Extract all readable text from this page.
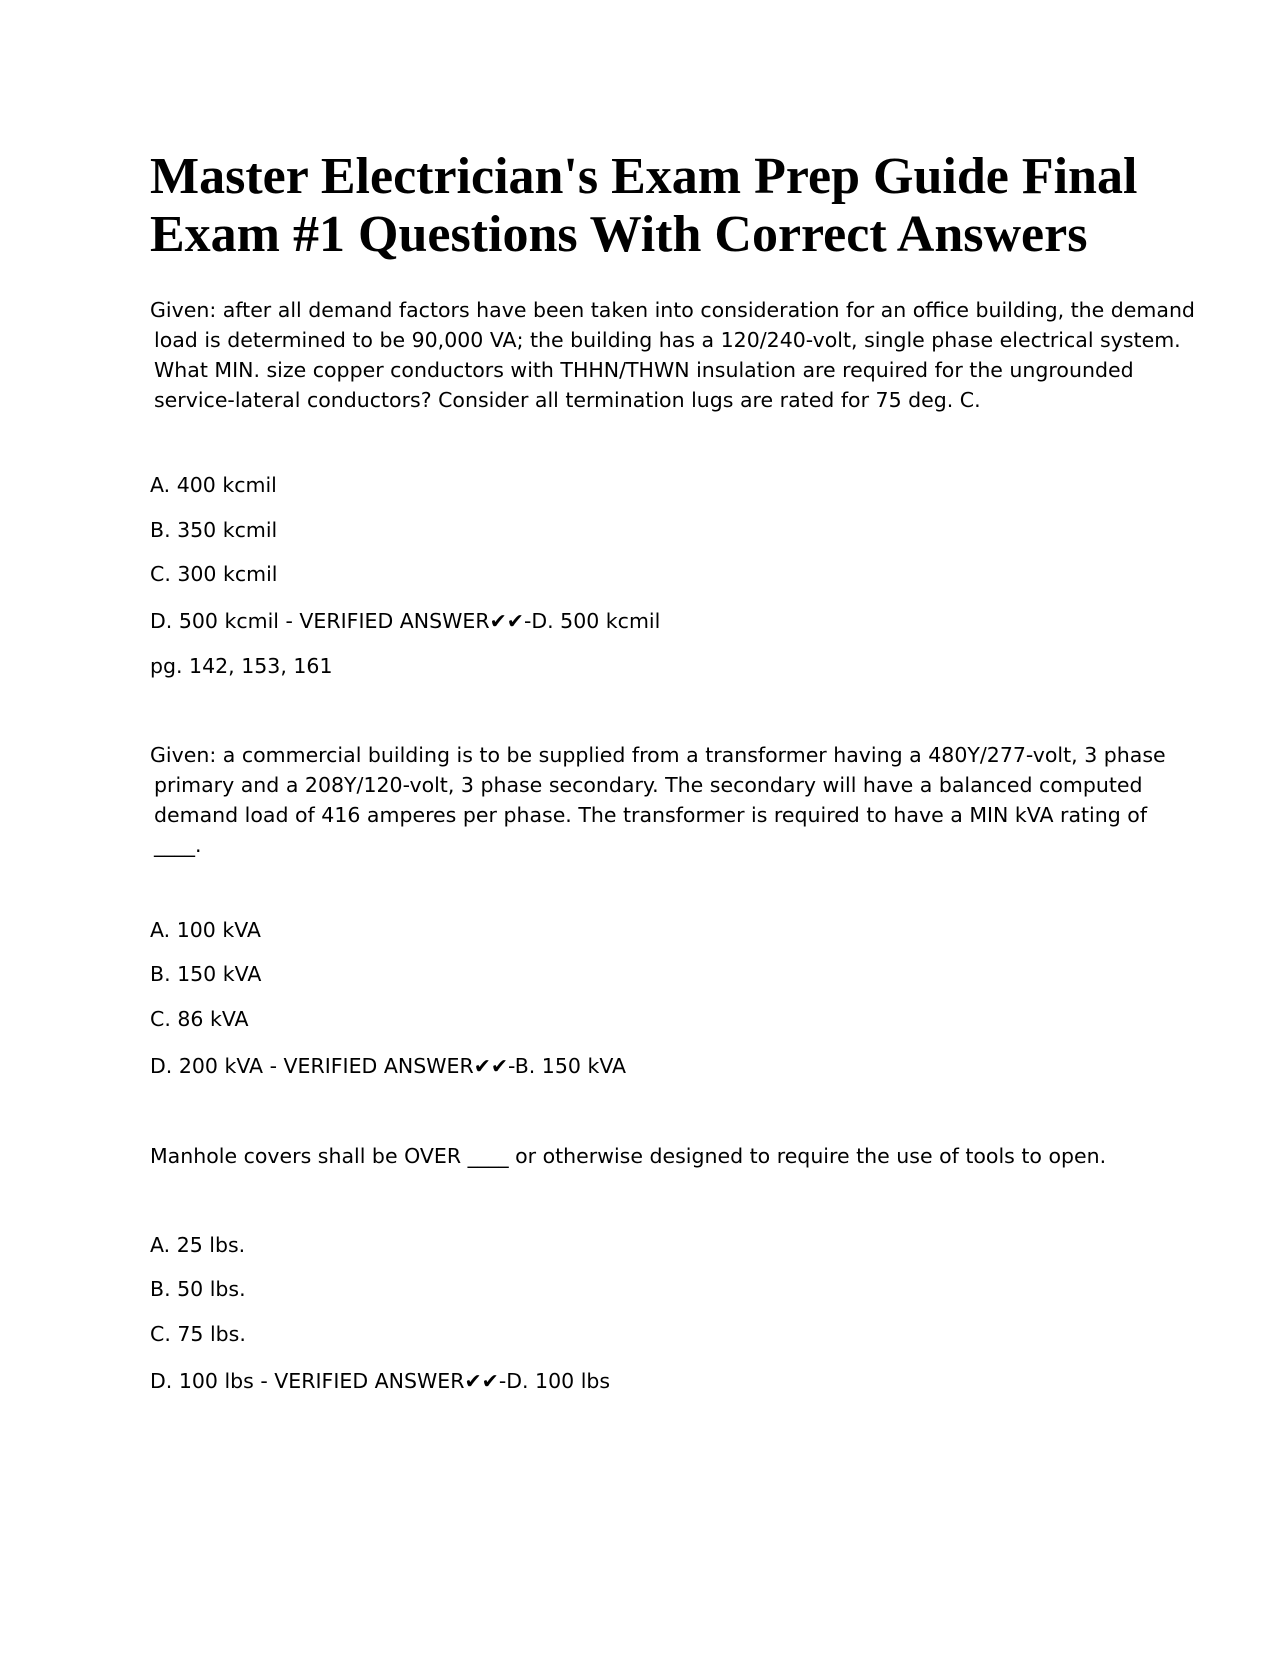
Master Electrician's Exam Prep Guide Final
Exam #1 Questions With Correct Answers
Given: after all demand factors have been taken into consideration for an office building, the demand
load is determined to be 90,000 VA; the building has a 120/240-volt, single phase electrical system.
What MIN. size copper conductors with THHN/THWN insulation are required for the ungrounded
service-lateral conductors? Consider all termination lugs are rated for 75 deg. C.
A. 400 kcmil
B. 350 kcmil
C. 300 kcmil
D. 500 kcmil - VERIFIED ANSWER✔✔-D. 500 kcmil
pg. 142, 153, 161
Given: a commercial building is to be supplied from a transformer having a 480Y/277-volt, 3 phase
primary and a 208Y/120-volt, 3 phase secondary. The secondary will have a balanced computed
demand load of 416 amperes per phase. The transformer is required to have a MIN kVA rating of
____.
A. 100 kVA
B. 150 kVA
C. 86 kVA
D. 200 kVA - VERIFIED ANSWER✔✔-B. 150 kVA
Manhole covers shall be OVER ____ or otherwise designed to require the use of tools to open.
A. 25 lbs.
B. 50 lbs.
C. 75 lbs.
D. 100 lbs - VERIFIED ANSWER✔✔-D. 100 lbs
